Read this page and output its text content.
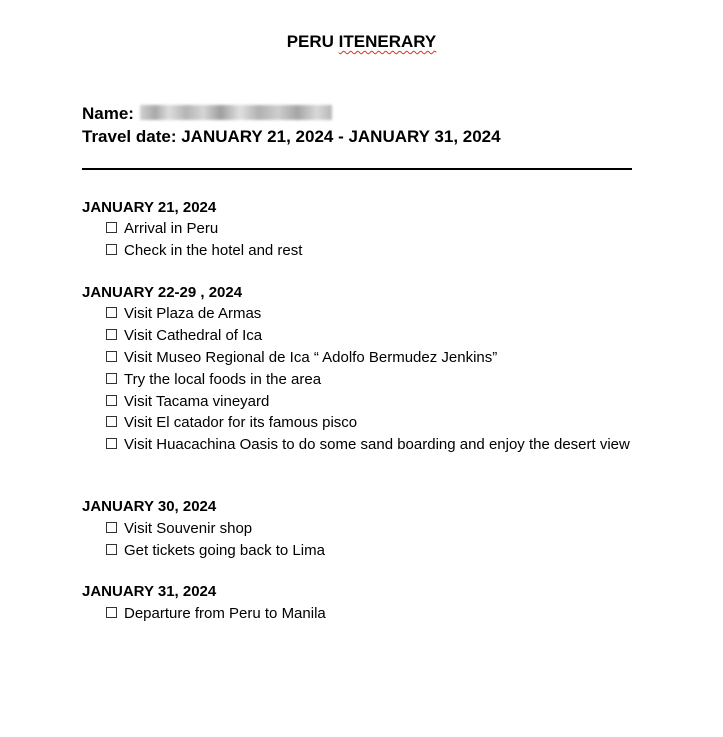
PERU ITENERARY
Name:
Travel date: JANUARY 21, 2024 - JANUARY 31, 2024
JANUARY 21, 2024
Arrival in Peru
Check in the hotel and rest
JANUARY 22-29 , 2024
Visit Plaza de Armas
Visit Cathedral of Ica
Visit Museo Regional de Ica “ Adolfo Bermudez Jenkins”
Try the local foods in the area
Visit Tacama vineyard
Visit El catador for its famous pisco
Visit Huacachina Oasis to do some sand boarding and enjoy the desert view
JANUARY 30, 2024
Visit Souvenir shop
Get tickets going back to Lima
JANUARY 31, 2024
Departure from Peru to Manila
